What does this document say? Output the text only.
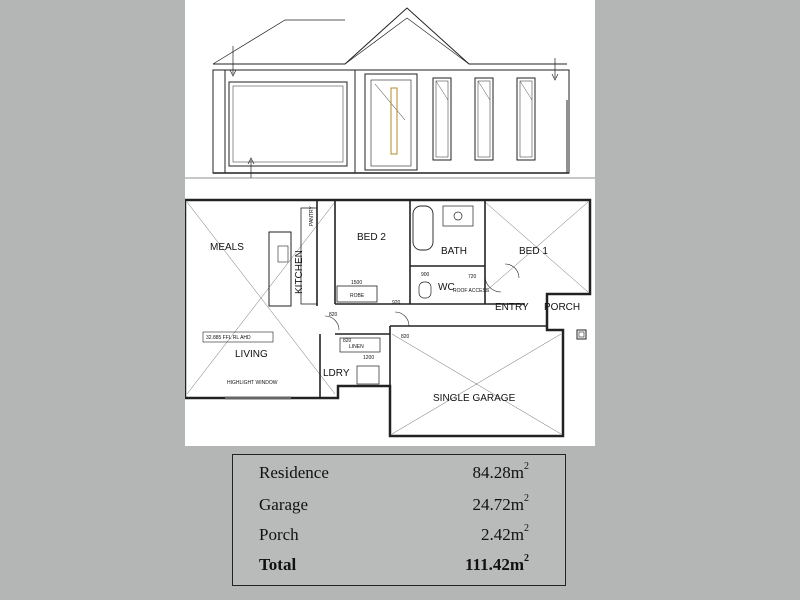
MEALS
KITCHEN
BED 2
BATH	BED 1
WC
ENTRY PORCH
LIVING
LDRY
SINGLE GARAGE
32.885 FFL RL AHD
HIGHLIGHT WINDOW
1500
ROBE
LINEN
1200
PANTRY
ROOF ACCESS
920
820
820
820
720
900
Residence	$84.28m^2$
Garage	$24.72m^2$
Porch	$2.42m^2$
Total	$111.42m^2$
